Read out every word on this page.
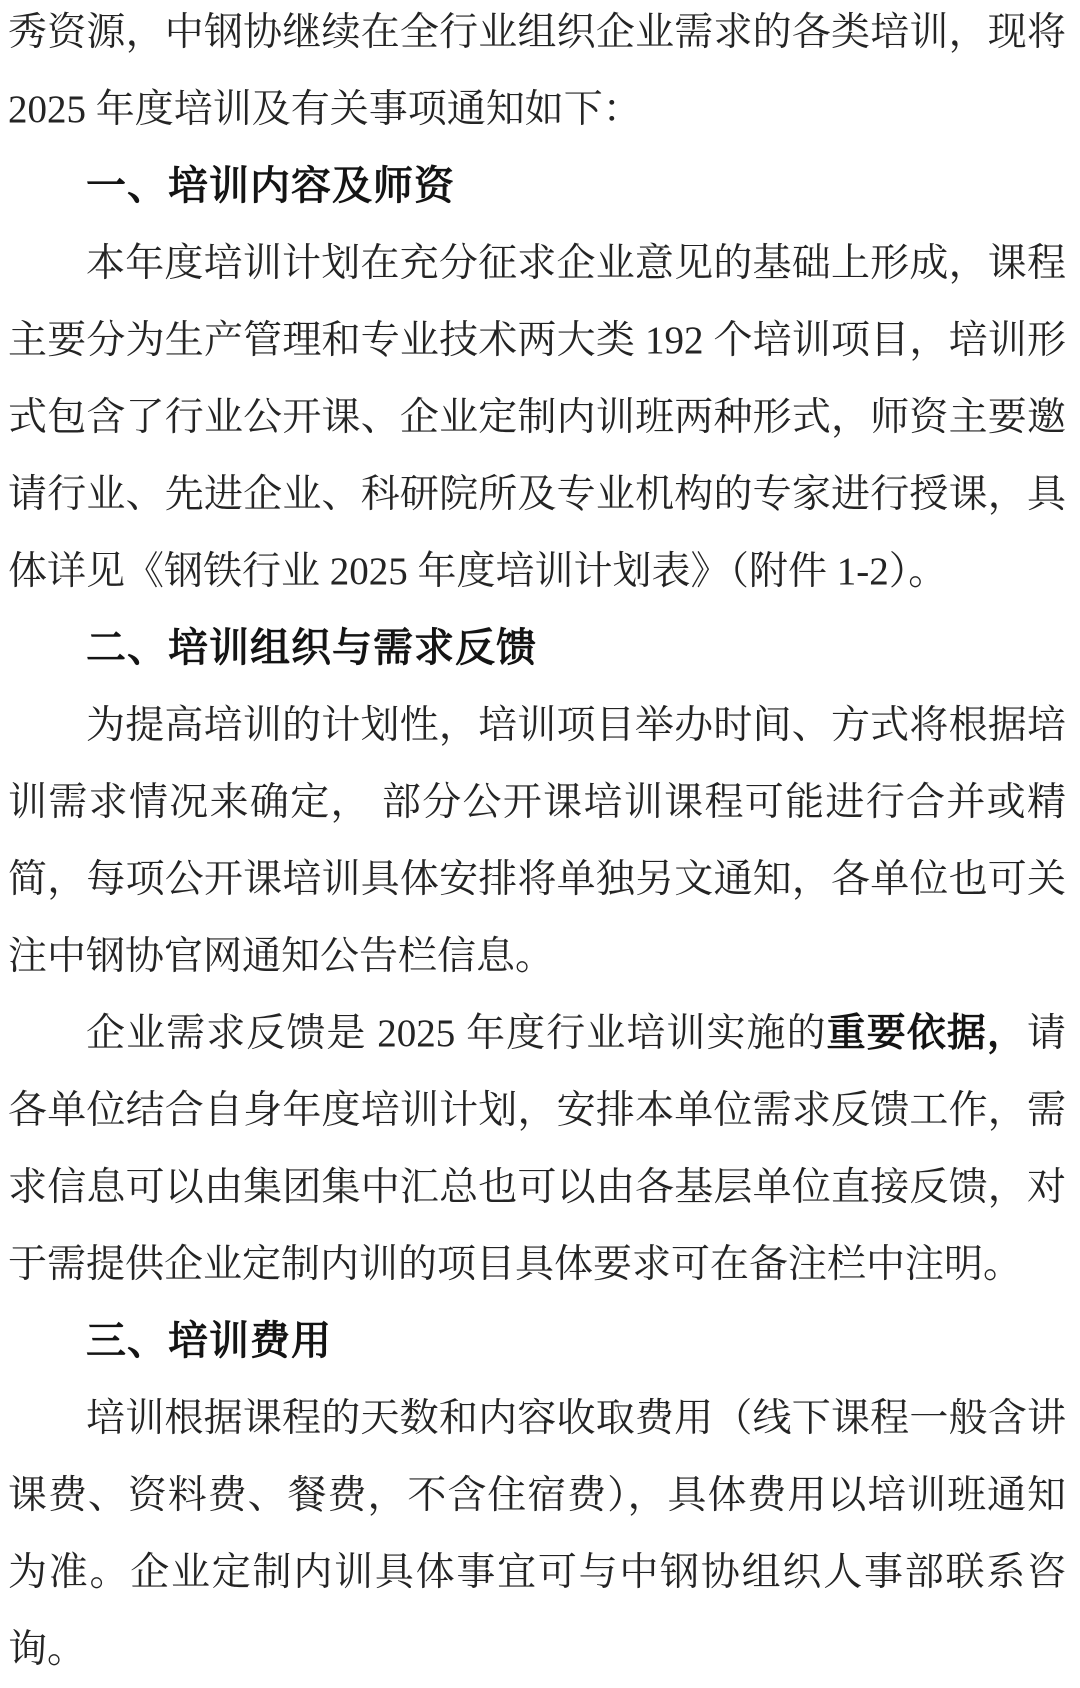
秀资源，中钢协继续在全行业组织企业需求的各类培训，现将
2025 年度培训及有关事项通知如下：
一、培训内容及师资
本年度培训计划在充分征求企业意见的基础上形成，课程
主要分为生产管理和专业技术两大类 192 个培训项目，培训形
式包含了行业公开课、企业定制内训班两种形式，师资主要邀
请行业、先进企业、科研院所及专业机构的专家进行授课，具
体详见《钢铁行业 2025 年度培训计划表》（附件 1-2）。
二、培训组织与需求反馈
为提高培训的计划性，培训项目举办时间、方式将根据培
训需求情况来确定， 部分公开课培训课程可能进行合并或精
简，每项公开课培训具体安排将单独另文通知，各单位也可关
注中钢协官网通知公告栏信息。
企业需求反馈是 2025 年度行业培训实施的重要依据，请
各单位结合自身年度培训计划，安排本单位需求反馈工作，需
求信息可以由集团集中汇总也可以由各基层单位直接反馈，对
于需提供企业定制内训的项目具体要求可在备注栏中注明。
三、培训费用
培训根据课程的天数和内容收取费用（线下课程一般含讲
课费、资料费、餐费，不含住宿费），具体费用以培训班通知
为准。企业定制内训具体事宜可与中钢协组织人事部联系咨
询。
